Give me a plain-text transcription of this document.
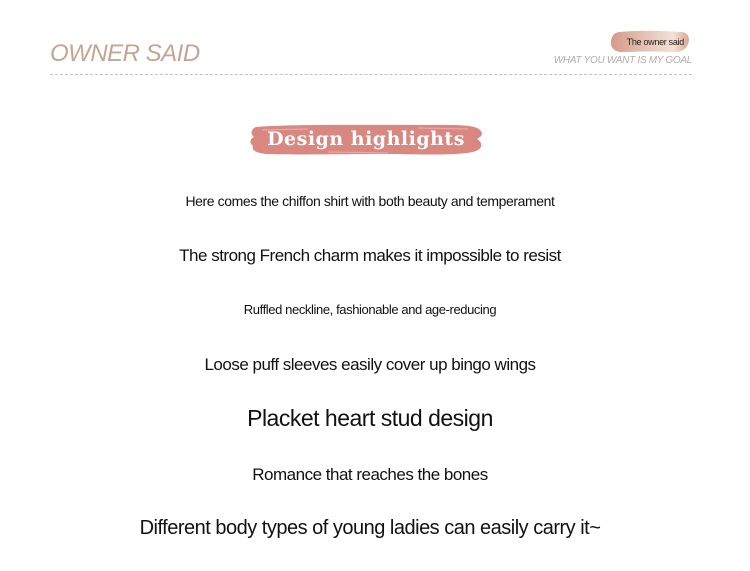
OWNER SAID	The owner said
WHAT YOU WANT IS MY GOAL
Design highlights
Here comes the chiffon shirt with both beauty and temperament
The strong French charm makes it impossible to resist
Ruffled neckline, fashionable and age-reducing
Loose puff sleeves easily cover up bingo wings
Placket heart stud design
Romance that reaches the bones
Different body types of young ladies can easily carry it~
